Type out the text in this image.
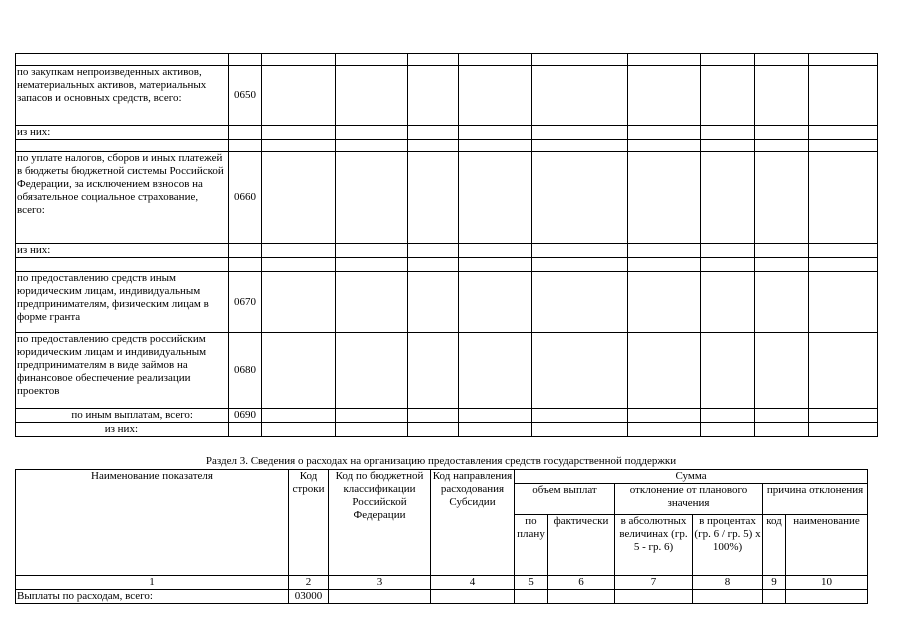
по закупкам непроизведенных активов, нематериальных активов, материальных запасов и основных средств, всего:	0650									
из них:										

по уплате налогов, сборов и иных платежей в бюджеты бюджетной системы Российской Федерации, за исключением взносов на обязательное социальное страхование, всего:	0660									
из них:										

по предоставлению средств иным юридическим лицам, индивидуальным предпринимателям, физическим лицам в форме гранта	0670									
по предоставлению средств российским юридическим лицам и индивидуальным предпринимателям в виде займов на финансовое обеспечение реализации проектов	0680									
по иным выплатам, всего:	0690									
из них:										
Раздел 3. Сведения о расходах на организацию предоставления средств государственной поддержки
Наименование показателя	Код строки	Код по бюджетной классификации Российской Федерации	Код направления расходования Субсидии	Сумма					
				объем выплат		отклонение от планового значения		причина отклонения	
				по плану	фактически	в абсолютных величинах (гр. 5 - гр. 6)	в процентах (гр. 6 / гр. 5) x 100%)	код	наименование
1	2	3	4	5	6	7	8	9	10
Выплаты по расходам, всего:	03000								
